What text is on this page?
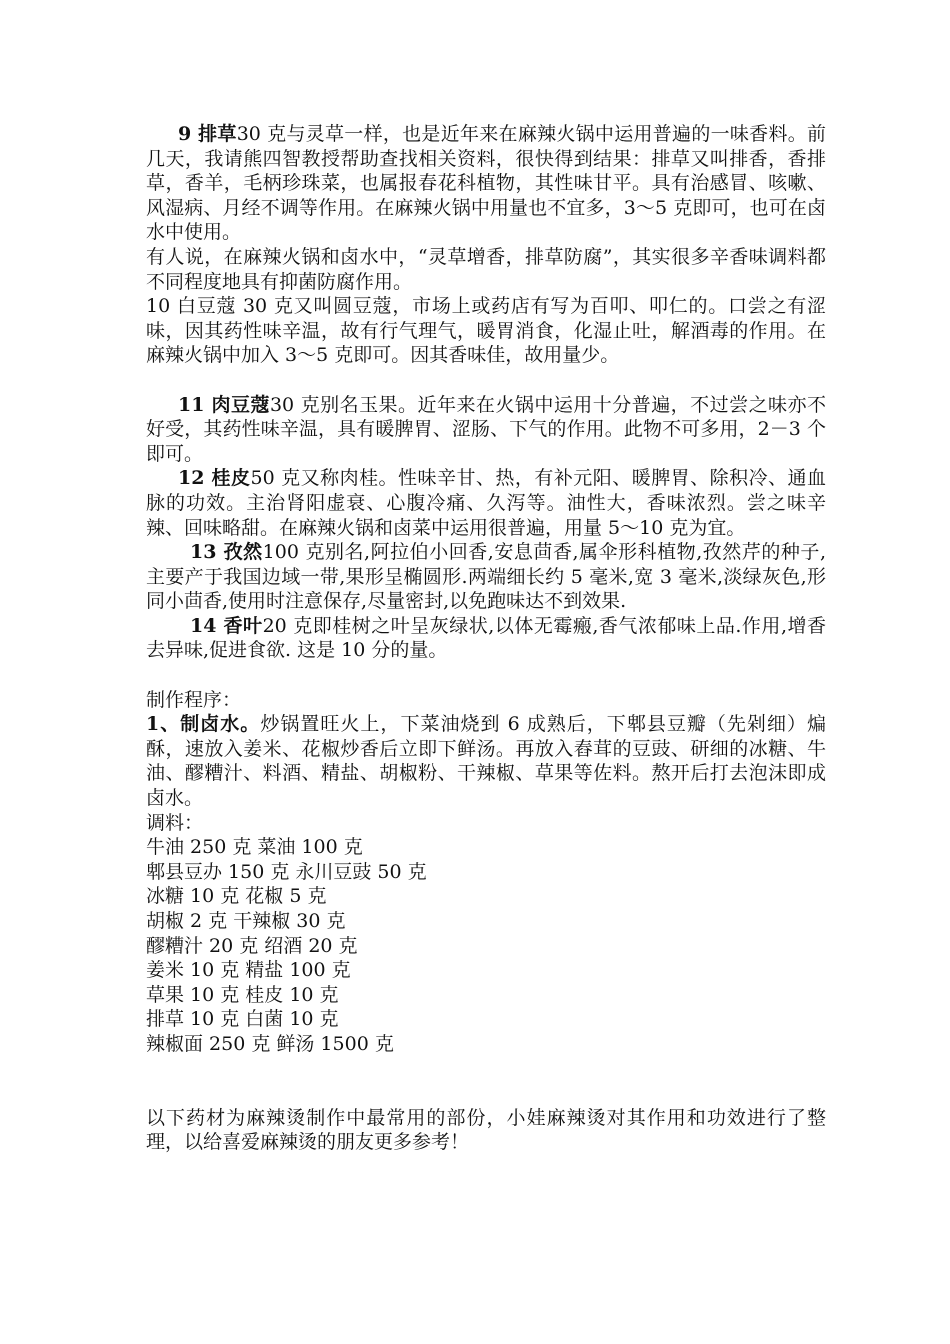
9 排草30 克与灵草一样，也是近年来在麻辣火锅中运用普遍的一味香料。前几天，我请熊四智教授帮助查找相关资料，很快得到结果：排草又叫排香，香排草，香羊，毛柄珍珠菜，也属报春花科植物，其性味甘平。具有治感冒、咳嗽、风湿病、月经不调等作用。在麻辣火锅中用量也不宜多，3～5 克即可，也可在卤水中使用。

有人说，在麻辣火锅和卤水中，“灵草增香，排草防腐”，其实很多辛香味调料都不同程度地具有抑菌防腐作用。

10 白豆蔻 30 克又叫圆豆蔻，市场上或药店有写为百叩、叩仁的。口尝之有涩味，因其药性味辛温，故有行气理气，暖胃消食，化湿止吐，解酒毒的作用。在麻辣火锅中加入 3～5 克即可。因其香味佳，故用量少。

11 肉豆蔻30 克别名玉果。近年来在火锅中运用十分普遍，不过尝之味亦不好受，其药性味辛温，具有暖脾胃、涩肠、下气的作用。此物不可多用，2－3 个即可。

12 桂皮50 克又称肉桂。性味辛甘、热，有补元阳、暖脾胃、除积冷、通血脉的功效。主治肾阳虚衰、心腹冷痛、久泻等。油性大，香味浓烈。尝之味辛辣、回味略甜。在麻辣火锅和卤菜中运用很普遍，用量 5～10 克为宜。

13 孜然100 克别名,阿拉伯小回香,安息茴香,属伞形科植物,孜然芹的种子,主要产于我国边域一带,果形呈椭圆形.两端细长约 5 毫米,宽 3 毫米,淡绿灰色,形同小茴香,使用时注意保存,尽量密封,以免跑味达不到效果.

14 香叶20 克即桂树之叶呈灰绿状,以体无霉瘢,香气浓郁味上品.作用,增香去异味,促进食欲. 这是 10 分的量。

制作程序：

1、制卤水。炒锅置旺火上，下菜油烧到 6 成熟后，下郫县豆瓣（先剁细）煸酥，速放入姜米、花椒炒香后立即下鲜汤。再放入舂茸的豆豉、研细的冰糖、牛油、醪糟汁、料酒、精盐、胡椒粉、干辣椒、草果等佐料。熬开后打去泡沫即成卤水。

调料：

牛油 250 克 菜油 100 克

郫县豆办 150 克 永川豆豉 50 克

冰糖 10 克 花椒 5 克

胡椒 2 克 干辣椒 30 克

醪糟汁 20 克 绍酒 20 克

姜米 10 克 精盐 100 克

草果 10 克 桂皮 10 克

排草 10 克 白菌 10 克

辣椒面 250 克 鲜汤 1500 克

以下药材为麻辣烫制作中最常用的部份，小娃麻辣烫对其作用和功效进行了整理，以给喜爱麻辣烫的朋友更多参考！
